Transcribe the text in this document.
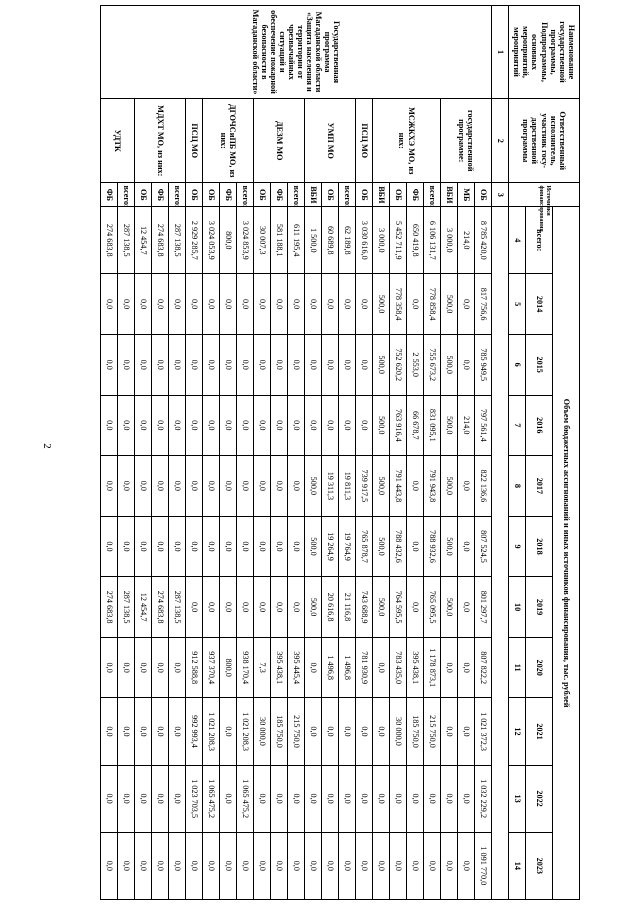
2
Наименование государственной программы, Подпрограммы, основных мероприятий, мероприятий	Ответственный исполнитель, участник госу-дарственной программы	Источники финансирования	Объем бюджетных ассигнований и иных источников финансирования, тыс. рублей										
			всего:	2014	2015	2016	2017	2018	2019	2020	2021	2022	2023
			4	5	6	7	8	9	10	11	12	13	14
1	2	3											
Государственная программа Магаданской области «Защита населения и территории от чрезвычайных ситуаций и обеспечение пожарной безопасности в Магаданской области»	государственной программе:	ОБ	8 785 420,0	817 756,6	785 949,5	797 561,4	822 136,6	807 524,5	801 297,7	807 822,2	1 021 372,3	1 032 229,2	1 091 770,0
		МБ	214,0	0,0	0,0	214,0	0,0	0,0	0,0	0,0	0,0	0,0	0,0
		ВБИ	3 000,0	500,0	500,0	500,0	500,0	500,0	500,0	0,0	0,0	0,0	0,0
	МСЖКХЭ МО, из них:	всего:	6 106 131,7	778 858,4	755 673,2	831 095,1	791 943,8	788 932,6	765 095,5	1 178 873,1	215 750,0	0,0	0,0
		ФБ	650 419,8	0,0	2 553,0	66 678,7	0,0	0,0	0,0	395 438,1	185 750,0	0,0	0,0
		ОБ	5 452 711,9	778 358,4	752 620,2	763 916,4	791 443,8	788 432,6	764 595,5	783 435,0	30 000,0	0,0	0,0
		ВБИ	3 000,0	500,0	500,0	500,0	500,0	500,0	500,0	0,0	0,0	0,0	0,0
	ПСЦ МО	ОБ	3 030 616,0	0,0	0,0	0,0	739 917,5	765 878,7	743 688,9	781 930,9	0,0	0,0	0,0
	УМП МО	всего:	62 189,8	0,0	0,0	0,0	19 811,3	19 764,9	21 116,8	1 496,8	0,0	0,0	0,0
		ОБ	60 689,8	0,0	0,0	0,0	19 311,3	19 264,9	20 616,8	1 496,8	0,0	0,0	0,0
		ВБИ	1 500,0	0,0	0,0	0,0	500,0	500,0	500,0	0,0	0,0	0,0	0,0
	ДЕЗМ МО	всего:	611 195,4	0,0	0,0	0,0	0,0	0,0	0,0	395 445,4	215 750,0	0,0	0,0
		ФБ	581 188,1	0,0	0,0	0,0	0,0	0,0	0,0	395 438,1	185 750,0	0,0	0,0
		ОБ	30 007,3	0,0	0,0	0,0	0,0	0,0	0,0	7,3	30 000,0	0,0	0,0
	ДГОЧСиПБ МО, из них:	всего:	3 024 853,9	0,0	0,0	0,0	0,0	0,0	0,0	938 170,4	1 021 208,3	1 065 475,2	0,0
		ФБ	800,0	0,0	0,0	0,0	0,0	0,0	0,0	800,0	0,0	0,0	0,0
		ОБ	3 024 053,9	0,0	0,0	0,0	0,0	0,0	0,0	937 370,4	1 021 208,3	1 065 475,2	0,0
	ПСЦ МО	ОБ	2 929 285,7	0,0	0,0	0,0	0,0	0,0	0,0	912 588,8	992 993,4	1 023 703,5	0,0
	МДХТ МО, из них:	всего:	287 138,5	0,0	0,0	0,0	0,0	0,0	287 138,5	0,0	0,0	0,0	0,0
		ФБ	274 683,8	0,0	0,0	0,0	0,0	0,0	274 683,8	0,0	0,0	0,0	0,0
		ОБ	12 454,7	0,0	0,0	0,0	0,0	0,0	12 454,7	0,0	0,0	0,0	0,0
	УДТК	всего:	287 138,5	0,0	0,0	0,0	0,0	0,0	287 138,5	0,0	0,0	0,0	0,0
		ФБ	274 683,8	0,0	0,0	0,0	0,0	0,0	274 683,8	0,0	0,0	0,0	0,0
